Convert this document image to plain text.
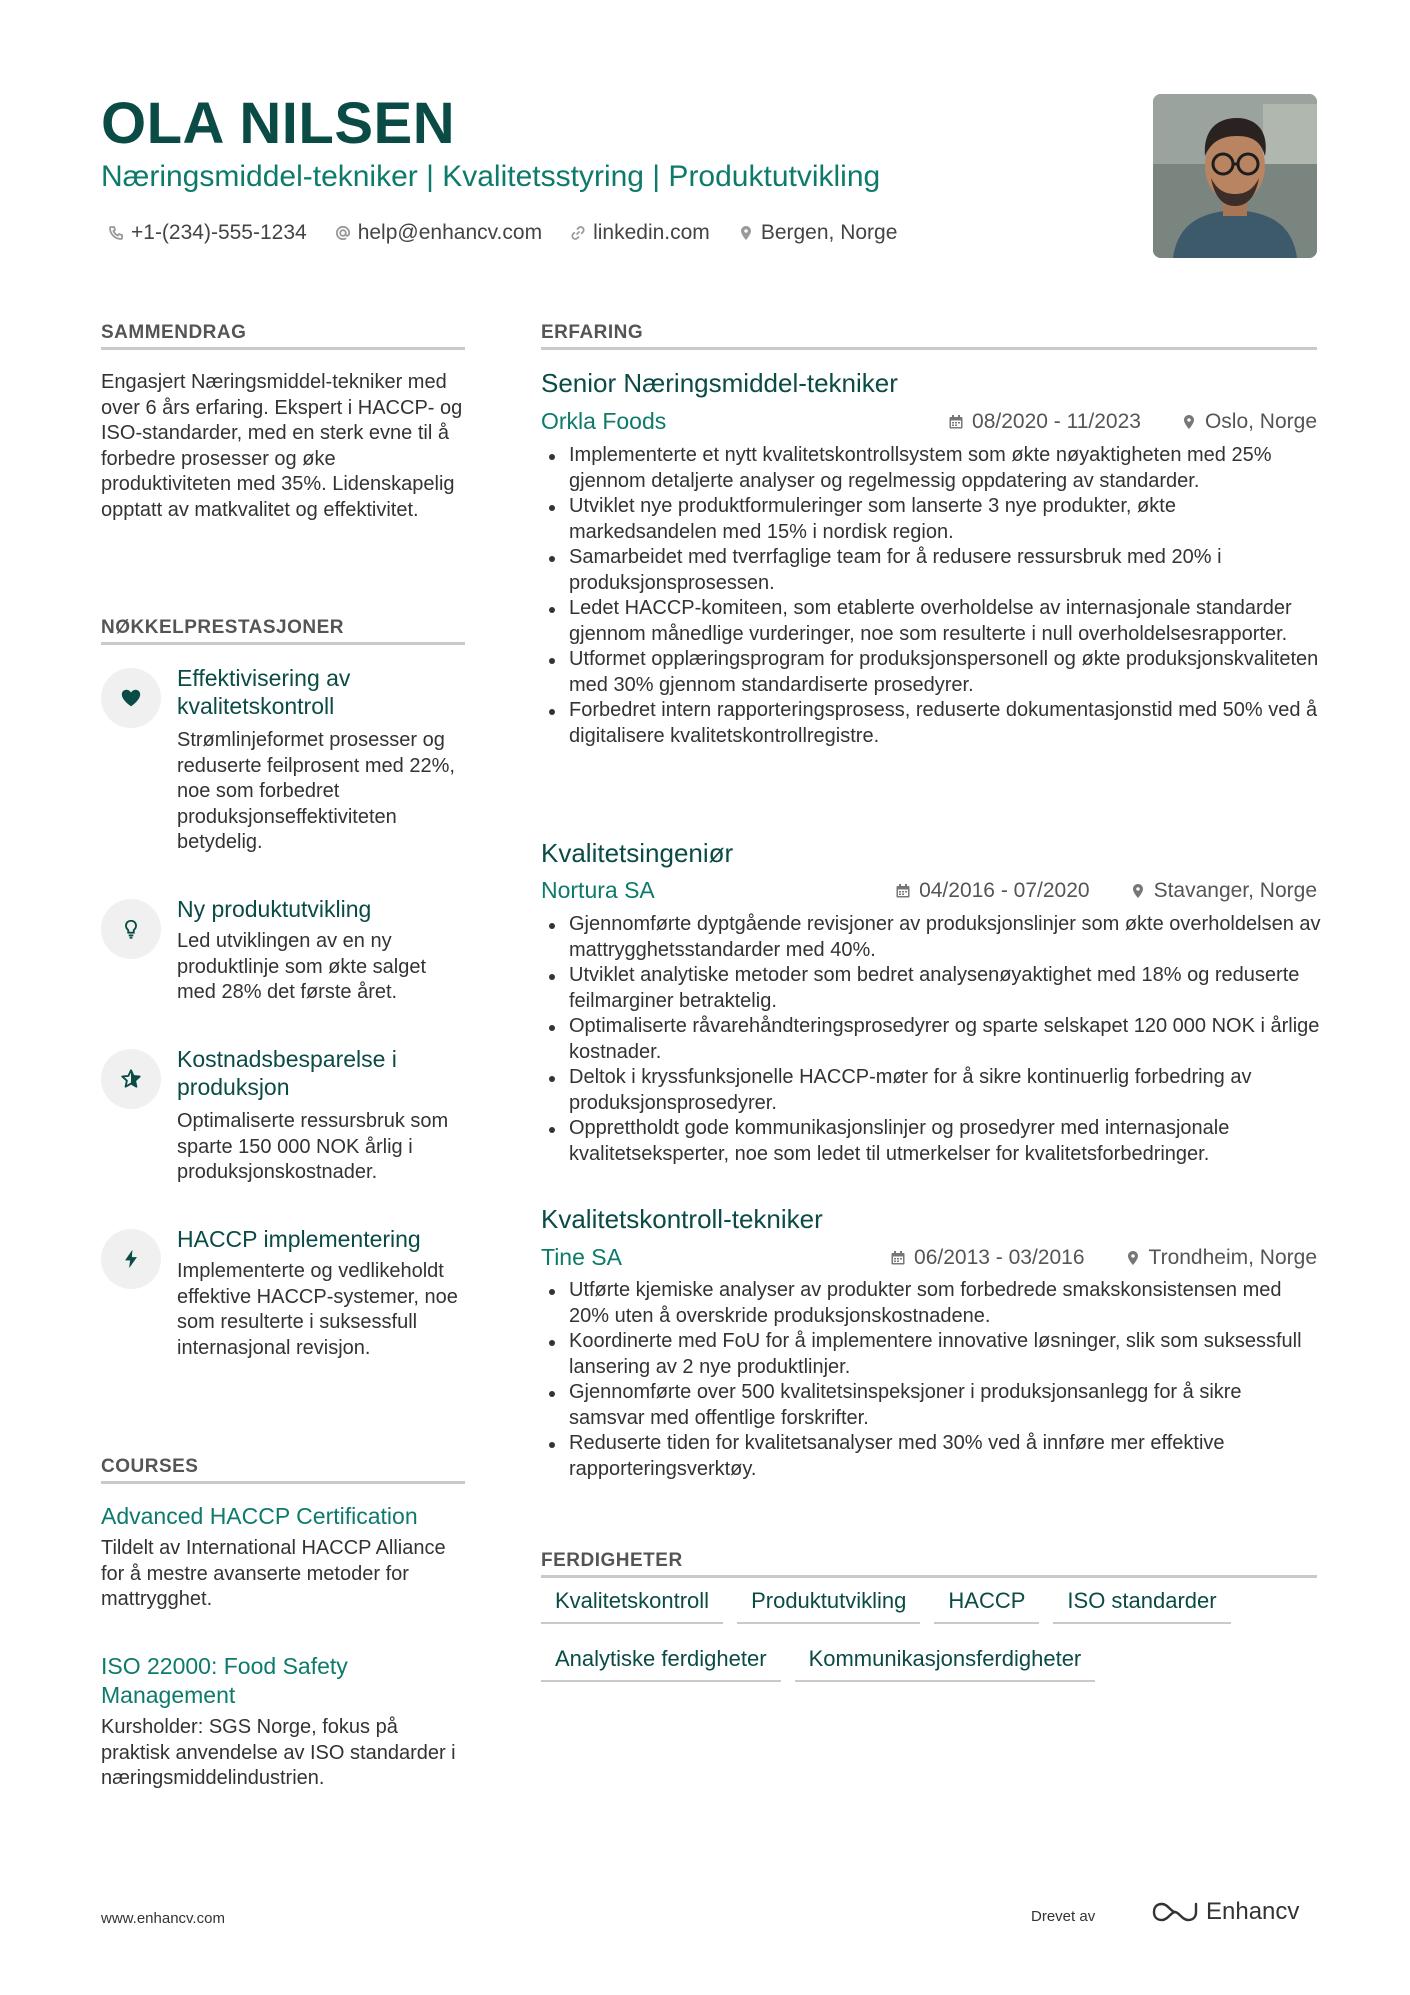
OLA NILSEN

Næringsmiddel-tekniker | Kvalitetsstyring | Produktutvikling

+1-(234)-555-1234 help@enhancv.com linkedin.com Bergen, Norge
SAMMENDRAG

Engasjert Næringsmiddel-tekniker med over 6 års erfaring. Ekspert i HACCP- og ISO-standarder, med en sterk evne til å forbedre prosesser og øke produktiviteten med 35%. Lidenskapelig opptatt av matkvalitet og effektivitet.

NØKKELPRESTASJONER

Effektivisering av kvalitetskontroll

Strømlinjeformet prosesser og reduserte feilprosent med 22%, noe som forbedret produksjonseffektiviteten betydelig.

Ny produktutvikling

Led utviklingen av en ny produktlinje som økte salget med 28% det første året.

Kostnadsbesparelse i produksjon

Optimaliserte ressursbruk som sparte 150 000 NOK årlig i produksjonskostnader.

HACCP implementering

Implementerte og vedlikeholdt effektive HACCP-systemer, noe som resulterte i suksessfull internasjonal revisjon.

COURSES

Advanced HACCP Certification

Tildelt av International HACCP Alliance for å mestre avanserte metoder for mattrygghet.

ISO 22000: Food Safety Management

Kursholder: SGS Norge, fokus på praktisk anvendelse av ISO standarder i næringsmiddelindustrien.

ERFARING

Senior Næringsmiddel-tekniker

Orkla Foods	08/2020 - 11/2023	Oslo, Norge
Implementerte et nytt kvalitetskontrollsystem som økte nøyaktigheten med 25% gjennom detaljerte analyser og regelmessig oppdatering av standarder.
Utviklet nye produktformuleringer som lanserte 3 nye produkter, økte markedsandelen med 15% i nordisk region.
Samarbeidet med tverrfaglige team for å redusere ressursbruk med 20% i produksjonsprosessen.
Ledet HACCP-komiteen, som etablerte overholdelse av internasjonale standarder gjennom månedlige vurderinger, noe som resulterte i null overholdelsesrapporter.
Utformet opplæringsprogram for produksjonspersonell og økte produksjonskvaliteten med 30% gjennom standardiserte prosedyrer.
Forbedret intern rapporteringsprosess, reduserte dokumentasjonstid med 50% ved å digitalisere kvalitetskontrollregistre.

Kvalitetsingeniør

Nortura SA	04/2016 - 07/2020	Stavanger, Norge
Gjennomførte dyptgående revisjoner av produksjonslinjer som økte overholdelsen av mattrygghetsstandarder med 40%.
Utviklet analytiske metoder som bedret analysenøyaktighet med 18% og reduserte feilmarginer betraktelig.
Optimaliserte råvarehåndteringsprosedyrer og sparte selskapet 120 000 NOK i årlige kostnader.
Deltok i kryssfunksjonelle HACCP-møter for å sikre kontinuerlig forbedring av produksjonsprosedyrer.
Opprettholdt gode kommunikasjonslinjer og prosedyrer med internasjonale kvalitetseksperter, noe som ledet til utmerkelser for kvalitetsforbedringer.

Kvalitetskontroll-tekniker

Tine SA	06/2013 - 03/2016	Trondheim, Norge
Utførte kjemiske analyser av produkter som forbedrede smakskonsistensen med 20% uten å overskride produksjonskostnadene.
Koordinerte med FoU for å implementere innovative løsninger, slik som suksessfull lansering av 2 nye produktlinjer.
Gjennomførte over 500 kvalitetsinspeksjoner i produksjonsanlegg for å sikre samsvar med offentlige forskrifter.
Reduserte tiden for kvalitetsanalyser med 30% ved å innføre mer effektive rapporteringsverktøy.
FERDIGHETER
Kvalitetskontroll	Produktutvikling	HACCP	ISO standarder
Analytiske ferdigheter	Kommunikasjonsferdigheter

www.enhancv.com	Drevet av	Enhancv
